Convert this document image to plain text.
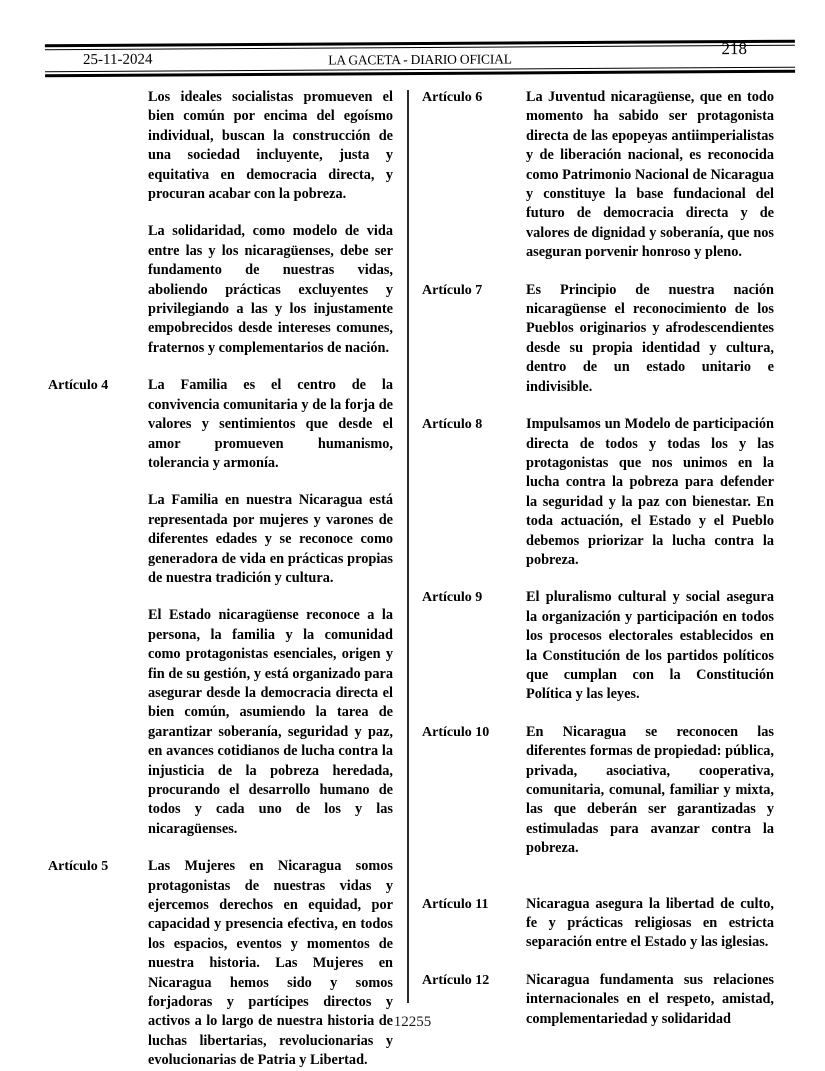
25-11-2024	LA GACETA - DIARIO OFICIAL
218

Los ideales socialistas promueven el bien común por encima del egoísmo individual, buscan la construcción de una sociedad incluyente, justa y equitativa en democracia directa, y procuran acabar con la pobreza.

La solidaridad, como modelo de vida entre las y los nicaragüenses, debe ser fundamento de nuestras vidas, aboliendo prácticas excluyentes y privilegiando a las y los injustamente empobrecidos desde intereses comunes, fraternos y complementarios de nación.

Artículo 4	La Familia es el centro de la convivencia comunitaria y de la forja de valores y sentimientos que desde el amor promueven humanismo, tolerancia y armonía.

La Familia en nuestra Nicaragua está representada por mujeres y varones de diferentes edades y se reconoce como generadora de vida en prácticas propias de nuestra tradición y cultura.

El Estado nicaragüense reconoce a la persona, la familia y la comunidad como protagonistas esenciales, origen y fin de su gestión, y está organizado para asegurar desde la democracia directa el bien común, asumiendo la tarea de garantizar soberanía, seguridad y paz, en avances cotidianos de lucha contra la injusticia de la pobreza heredada, procurando el desarrollo humano de todos y cada uno de los y las nicaragüenses.

Artículo 5	Las Mujeres en Nicaragua somos protagonistas de nuestras vidas y ejercemos derechos en equidad, por capacidad y presencia efectiva, en todos los espacios, eventos y momentos de nuestra historia. Las Mujeres en Nicaragua hemos sido y somos forjadoras y partícipes directos y activos a lo largo de nuestra historia de luchas libertarias, revolucionarias y evolucionarias de Patria y Libertad.

Artículo 6	La Juventud nicaragüense, que en todo momento ha sabido ser protagonista directa de las epopeyas antiimperialistas y de liberación nacional, es reconocida como Patrimonio Nacional de Nicaragua y constituye la base fundacional del futuro de democracia directa y de valores de dignidad y soberanía, que nos aseguran porvenir honroso y pleno.

Artículo 7	Es Principio de nuestra nación nicaragüense el reconocimiento de los Pueblos originarios y afrodescendientes desde su propia identidad y cultura, dentro de un estado unitario e indivisible.

Artículo 8	Impulsamos un Modelo de participación directa de todos y todas los y las protagonistas que nos unimos en la lucha contra la pobreza para defender la seguridad y la paz con bienestar. En toda actuación, el Estado y el Pueblo debemos priorizar la lucha contra la pobreza.

Artículo 9	El pluralismo cultural y social asegura la organización y participación en todos los procesos electorales establecidos en la Constitución de los partidos políticos que cumplan con la Constitución Política y las leyes.

Artículo 10	En Nicaragua se reconocen las diferentes formas de propiedad: pública, privada, asociativa, cooperativa, comunitaria, comunal, familiar y mixta, las que deberán ser garantizadas y estimuladas para avanzar contra la pobreza.

Artículo 11	Nicaragua asegura la libertad de culto, fe y prácticas religiosas en estricta separación entre el Estado y las iglesias.

Artículo 12	Nicaragua fundamenta sus relaciones internacionales en el respeto, amistad, complementariedad y solidaridad

12255
